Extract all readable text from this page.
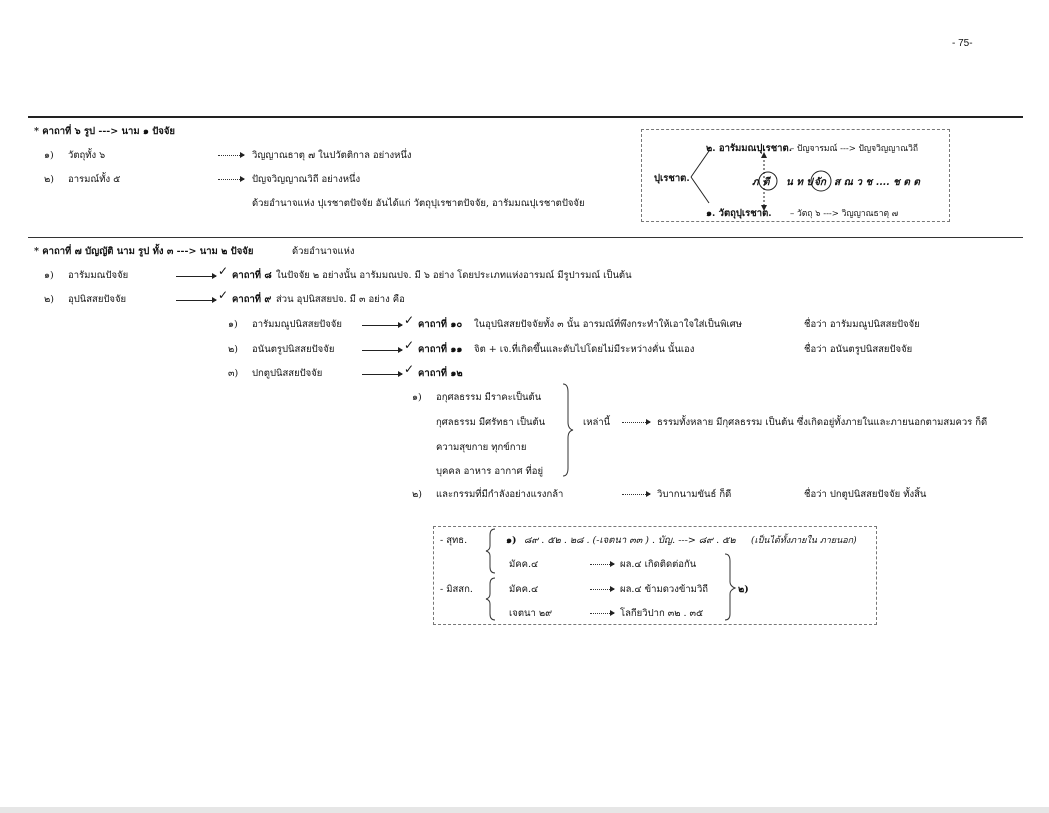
- 75-
* คาถาที่ ๖ รูป ---> นาม ๑ ปัจจัย
๑) วัตถุทั้ง ๖	วิญญาณธาตุ ๗ ในปวัตติกาล อย่างหนึ่ง
๒) อารมณ์ทั้ง ๕	ปัญจวิญญาณวิถี อย่างหนึ่ง
ด้วยอำนาจแห่ง ปุเรชาตปัจจัย อันได้แก่ วัตถุปุเรชาตปัจจัย, อารัมมณปุเรชาตปัจจัย
๒. อารัมมณปุเรชาต.
– ปัญจารมณ์ ---> ปัญจวิญญาณวิถี
ปุเรชาต.
๑. วัตถุปุเรชาต. – วัตถุ ๖ ---> วิญญาณธาตุ ๗
ภ ตี น ท ป จัก ส ณ ว ช .... ช ต ต
* คาถาที่ ๗ บัญญัติ นาม รูป ทั้ง ๓ ---> นาม ๒ ปัจจัย	ด้วยอำนาจแห่ง
๑) อารัมมณปัจจัย	✓ คาถาที่ ๘ ในปัจจัย ๒ อย่างนั้น อารัมมณปจ. มี ๖ อย่าง โดยประเภทแห่งอารมณ์ มีรูปารมณ์ เป็นต้น
๒) อุปนิสสยปัจจัย	✓ คาถาที่ ๙ ส่วน อุปนิสสยปจ. มี ๓ อย่าง คือ
๑) อารัมมณูปนิสสยปัจจัย	✓ คาถาที่ ๑๐ ในอุปนิสสยปัจจัยทั้ง ๓ นั้น อารมณ์ที่พึงกระทำให้เอาใจใส่เป็นพิเศษ	ชื่อว่า อารัมมณูปนิสสยปัจจัย
๒) อนันตรูปนิสสยปัจจัย	✓ คาถาที่ ๑๑ จิต + เจ.ที่เกิดขึ้นและดับไปโดยไม่มีระหว่างคั่น นั้นเอง	ชื่อว่า อนันตรูปนิสสยปัจจัย
๓) ปกตูปนิสสยปัจจัย	✓ คาถาที่ ๑๒
๑) อกุศลธรรม มีราคะเป็นต้น
กุศลธรรม มีศรัทธา เป็นต้น
ความสุขกาย ทุกข์กาย
บุคคล อาหาร อากาศ ที่อยู่
เหล่านี้	ธรรมทั้งหลาย มีกุศลธรรม เป็นต้น ซึ่งเกิดอยู่ทั้งภายในและภายนอกตามสมควร ก็ดี
๒) และกรรมที่มีกำลังอย่างแรงกล้า	วิบากนามขันธ์ ก็ดี	ชื่อว่า ปกตูปนิสสยปัจจัย ทั้งสิ้น
- สุทธ.	๑) ๘๙ . ๕๒ . ๒๘ . (-เจตนา ๓๓ ) . บัญ. ---> ๘๙ . ๕๒ (เป็นได้ทั้งภายใน ภายนอก)
มัคค.๔	ผล.๔ เกิดติดต่อกัน
- มิสสก.	มัคค.๔	ผล.๔ ข้ามดวงข้ามวิถี
เจตนา ๒๙	โลกียวิปาก ๓๒ . ๓๕
๒)
